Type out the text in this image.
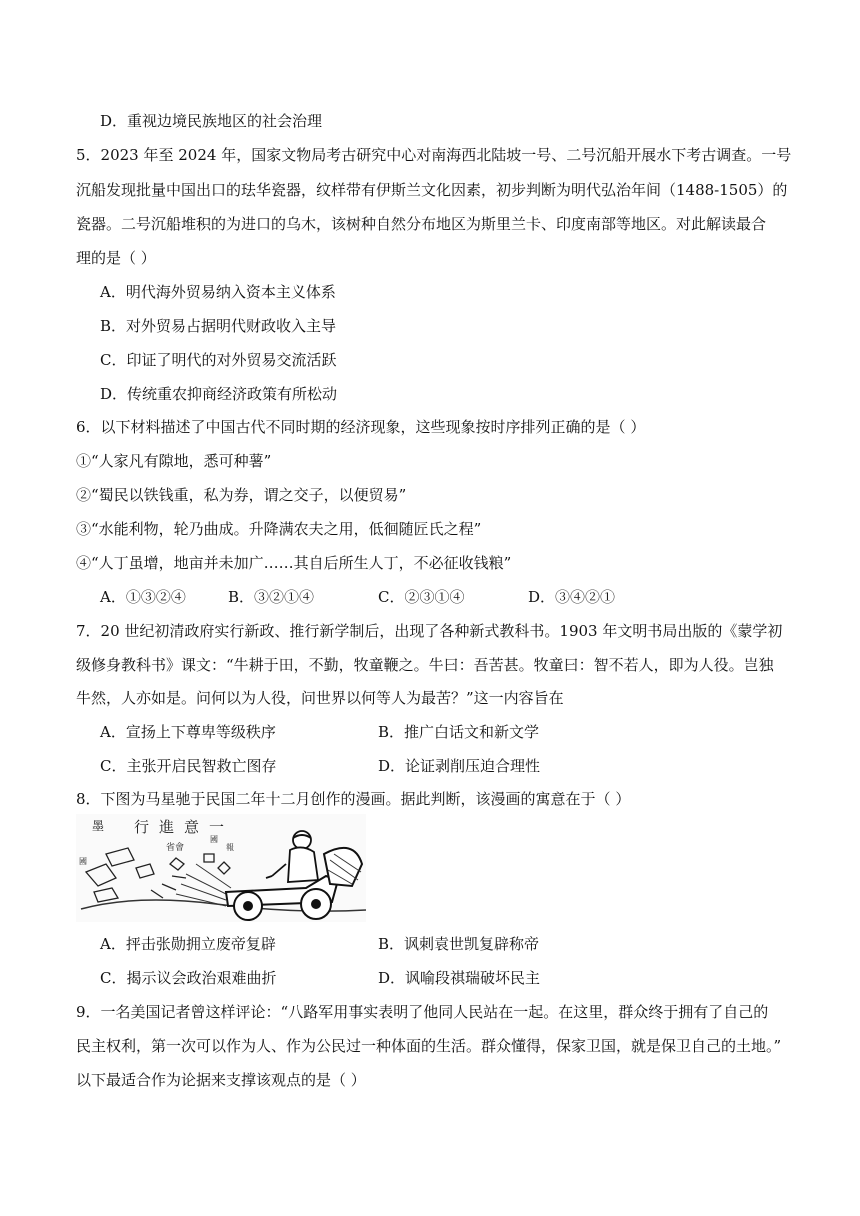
D．重视边境民族地区的社会治理
5．2023 年至 2024 年，国家文物局考古研究中心对南海西北陆坡一号、二号沉船开展水下考古调查。一号
沉船发现批量中国出口的珐华瓷器，纹样带有伊斯兰文化因素，初步判断为明代弘治年间（1488-1505）的
瓷器。二号沉船堆积的为进口的乌木，该树种自然分布地区为斯里兰卡、印度南部等地区。对此解读最合
理的是（ ）
A．明代海外贸易纳入资本主义体系
B．对外贸易占据明代财政收入主导
C．印证了明代的对外贸易交流活跃
D．传统重农抑商经济政策有所松动
6．以下材料描述了中国古代不同时期的经济现象，这些现象按时序排列正确的是（ ）
①“人家凡有隙地，悉可种薯”
②“蜀民以铁钱重，私为券，谓之交子，以便贸易”
③“水能利物，轮乃曲成。升降满农夫之用，低徊随匠氏之程”
④“人丁虽增，地亩并未加广……其自后所生人丁，不必征收钱粮”
A．①③②④	B．③②①④	C．②③①④	D．③④②①
7．20 世纪初清政府实行新政、推行新学制后，出现了各种新式教科书。1903 年文明书局出版的《蒙学初
级修身教科书》课文：“牛耕于田，不勤，牧童鞭之。牛曰：吾苦甚。牧童曰：智不若人，即为人役。岂独
牛然，人亦如是。问何以为人役，问世界以何等人为最苦？”这一内容旨在
A．宣扬上下尊卑等级秩序	B．推广白话文和新文学
C．主张开启民智救亡图存	D．论证剥削压迫合理性
8．下图为马星驰于民国二年十二月创作的漫画。据此判断，该漫画的寓意在于（ ）
墨 行進意一
國
省會
國
報
A．抨击张勋拥立废帝复辟	B．讽刺袁世凯复辟称帝
C．揭示议会政治艰难曲折	D．讽喻段祺瑞破坏民主
9．一名美国记者曾这样评论：“八路军用事实表明了他同人民站在一起。在这里，群众终于拥有了自己的
民主权利，第一次可以作为人、作为公民过一种体面的生活。群众懂得，保家卫国，就是保卫自己的土地。”
以下最适合作为论据来支撑该观点的是（ ）
